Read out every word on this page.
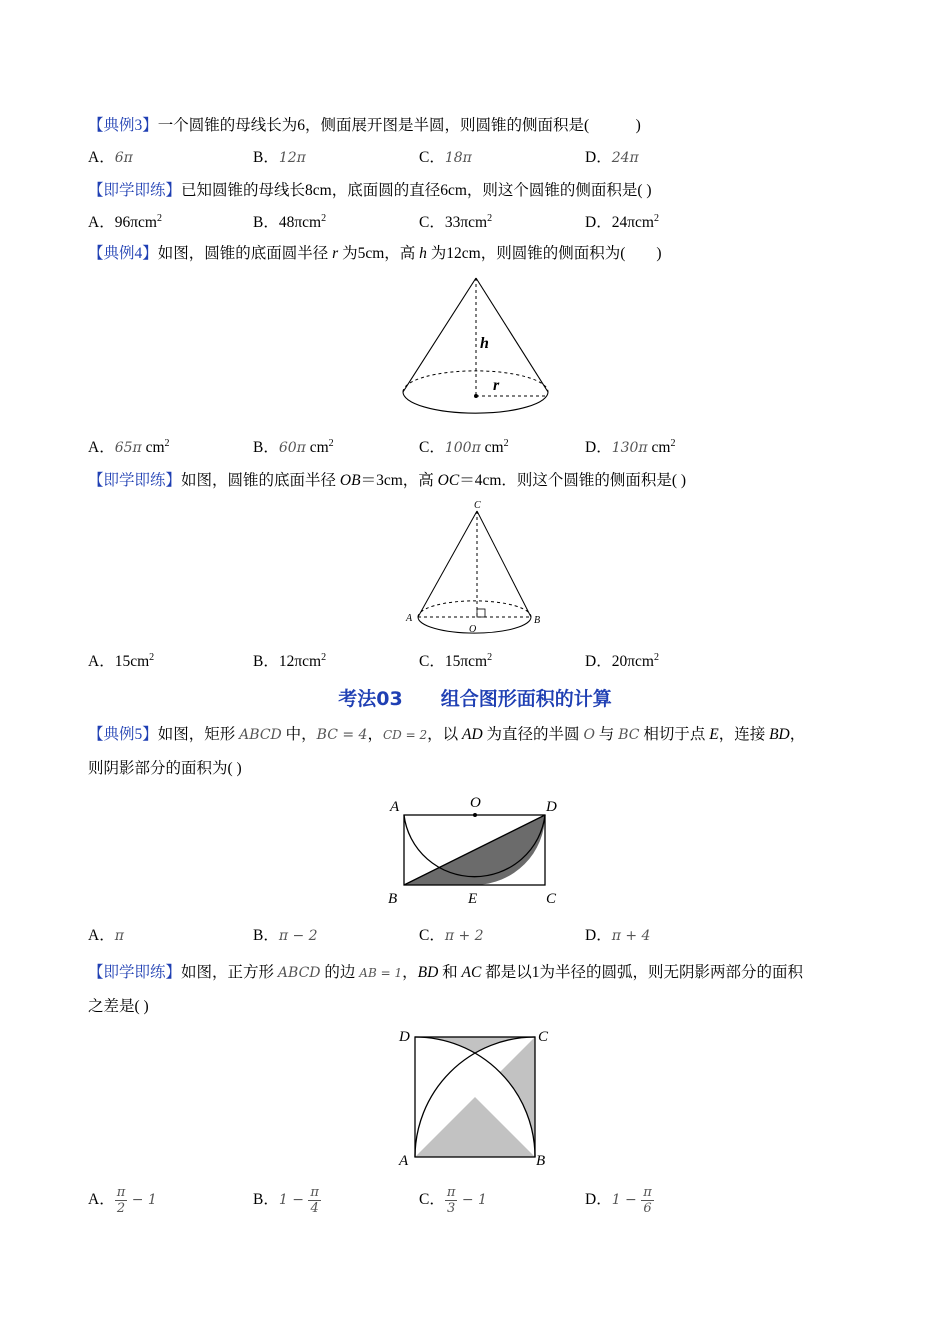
【典例3】一个圆锥的母线长为6，侧面展开图是半圆，则圆锥的侧面积是(　　　)
A．6π	B．12π	C．18π	D．24π
【即学即练】已知圆锥的母线长8cm，底面圆的直径6cm，则这个圆锥的侧面积是( )
A．96πcm$^2$	B．48πcm$^2$	C．33πcm$^2$	D．24πcm$^2$
【典例4】如图，圆锥的底面圆半径 r 为5cm，高 h 为12cm，则圆锥的侧面积为(　　)
h
r
A．65π $cm^2$	B．60π $cm^2$	C．100π $cm^2$	D．130π $cm^2$
【即学即练】如图，圆锥的底面半径 OB＝3cm，高 OC＝4cm．则这个圆锥的侧面积是( )
C
A	B
O
A．$15cm^2$	B．12πcm$^2$	C．15πcm$^2$	D．20πcm$^2$
考法03　　组合图形面积的计算
【典例5】如图，矩形 ABCD 中，BC = 4，CD = 2，以 AD 为直径的半圆 O 与 BC 相切于点 E，连接 BD，
则阴影部分的面积为( )
A	O	D
B	E	C
A．π	B．π − 2	C．π + 2	D．π + 4
【即学即练】如图，正方形 ABCD 的边 AB = 1，BD 和 AC 都是以1为半径的圆弧，则无阴影两部分的面积
之差是( )
D	C
A	B
A． $\frac{\pi}{2} - 1$	B．$1 - \frac{\pi}{4}$	C． $\frac{\pi}{3} - 1$	D．$1 - \frac{\pi}{6}$
